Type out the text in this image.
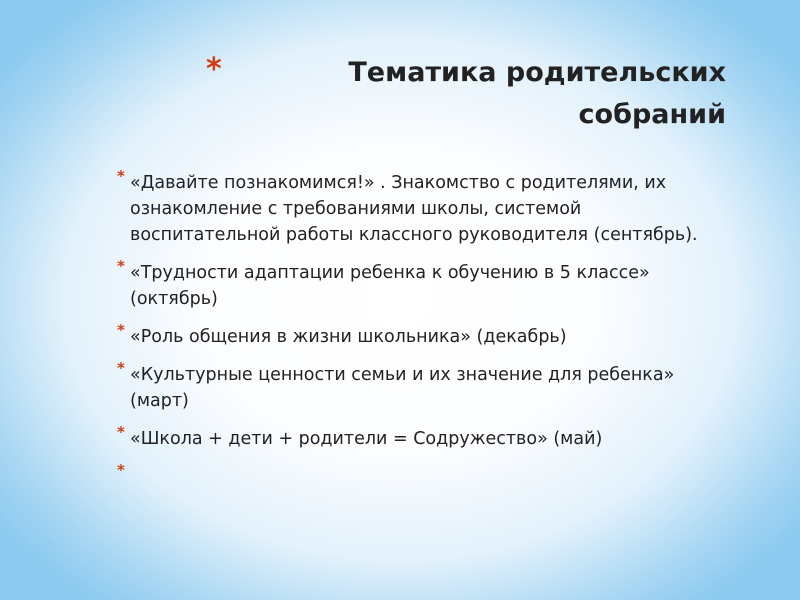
*	Тематика родительских
собраний
* «Давайте познакомимся!» . Знакомство с родителями, их ознакомление с требованиями школы, системой воспитательной работы классного руководителя (сентябрь).
* «Трудности адаптации ребенка к обучению в 5 классе» (октябрь)
* «Роль общения в жизни школьника» (декабрь)
* «Культурные ценности семьи и их значение для ребенка» (март)
* «Школа + дети + родители = Содружество» (май)
*
